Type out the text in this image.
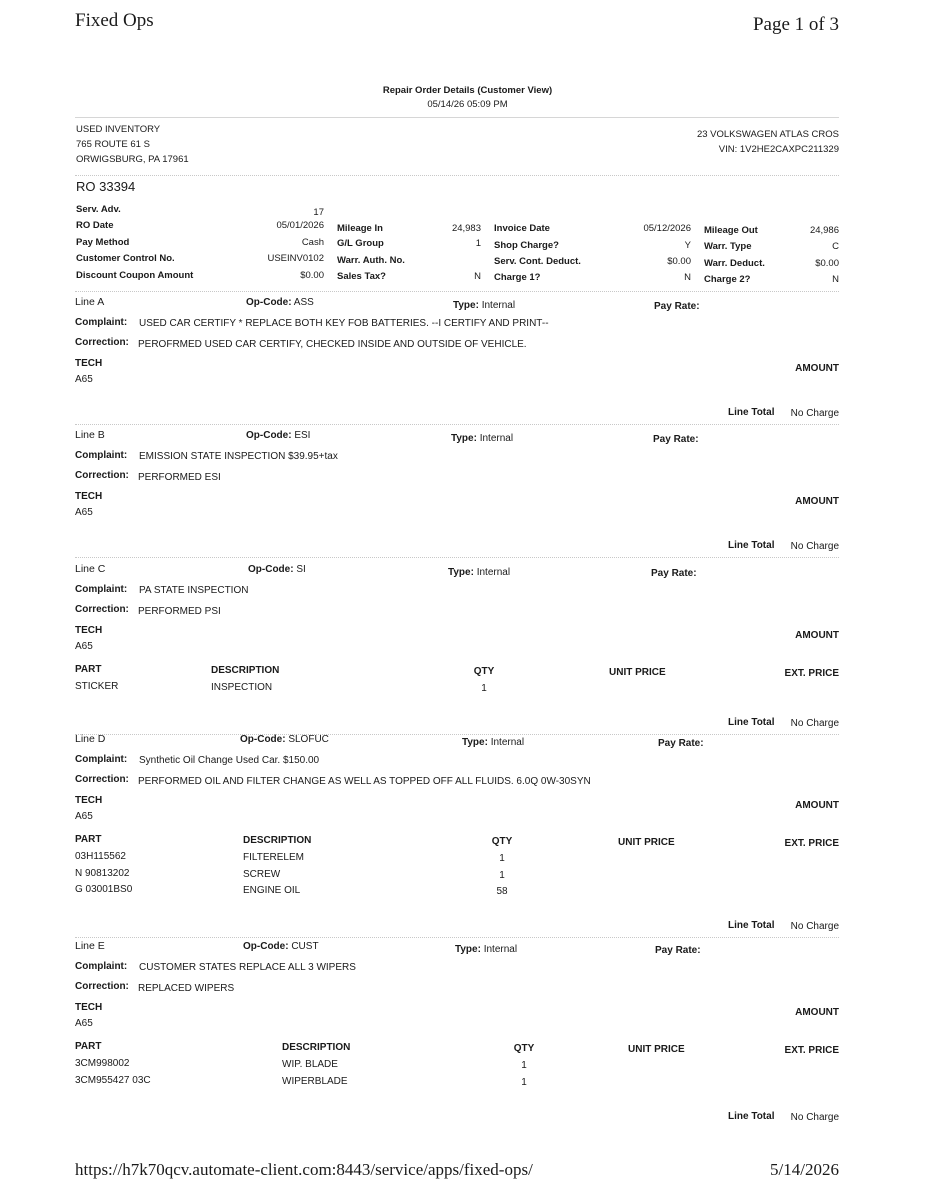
Fixed Ops	Page 1 of 3
Repair Order Details (Customer View)
05/14/26 05:09 PM
USED INVENTORY
765 ROUTE 61 S
ORWIGSBURG, PA 17961
23 VOLKSWAGEN ATLAS CROS
VIN: 1V2HE2CAXPC211329
RO 33394
Serv. Adv.	17
RO Date	05/01/2026
Pay Method	Cash
Customer Control No.	USEINV0102
Discount Coupon Amount	$0.00
Mileage In	24,983
G/L Group	1
Warr. Auth. No.
Sales Tax?	N
Invoice Date	05/12/2026
Shop Charge?	Y
Serv. Cont. Deduct.	$0.00
Charge 1?	N
Mileage Out	24,986
Warr. Type	C
Warr. Deduct.	$0.00
Charge 2?	N
Line A	Op-Code: ASS	Type: Internal	Pay Rate:
Complaint: USED CAR CERTIFY * REPLACE BOTH KEY FOB BATTERIES. --I CERTIFY AND PRINT--
Correction: PEROFRMED USED CAR CERTIFY, CHECKED INSIDE AND OUTSIDE OF VEHICLE.
TECH
A65
AMOUNT
Line Total No Charge
Line B	Op-Code: ESI	Type: Internal	Pay Rate:
Complaint: EMISSION STATE INSPECTION $39.95+tax
Correction: PERFORMED ESI
TECH
A65
AMOUNT
Line Total No Charge
Line C	Op-Code: SI	Type: Internal	Pay Rate:
Complaint: PA STATE INSPECTION
Correction: PERFORMED PSI
TECH
A65
AMOUNT
PART	DESCRIPTION	QTY	UNIT PRICE	EXT. PRICE
STICKER	INSPECTION	1
Line Total No Charge
Line D	Op-Code: SLOFUC	Type: Internal	Pay Rate:
Complaint: Synthetic Oil Change Used Car. $150.00
Correction: PERFORMED OIL AND FILTER CHANGE AS WELL AS TOPPED OFF ALL FLUIDS. 6.0Q 0W-30SYN
TECH
A65
AMOUNT
PART	DESCRIPTION	QTY	UNIT PRICE	EXT. PRICE
03H115562	FILTERELEM	1
N 90813202	SCREW	1
G 03001BS0	ENGINE OIL	58
Line Total No Charge
Line E	Op-Code: CUST	Type: Internal	Pay Rate:
Complaint: CUSTOMER STATES REPLACE ALL 3 WIPERS
Correction: REPLACED WIPERS
TECH
A65
AMOUNT
PART	DESCRIPTION	QTY	UNIT PRICE	EXT. PRICE
3CM998002	WIP. BLADE	1
3CM955427 03C	WIPERBLADE	1
Line Total No Charge
https://h7k70qcv.automate-client.com:8443/service/apps/fixed-ops/	5/14/2026
